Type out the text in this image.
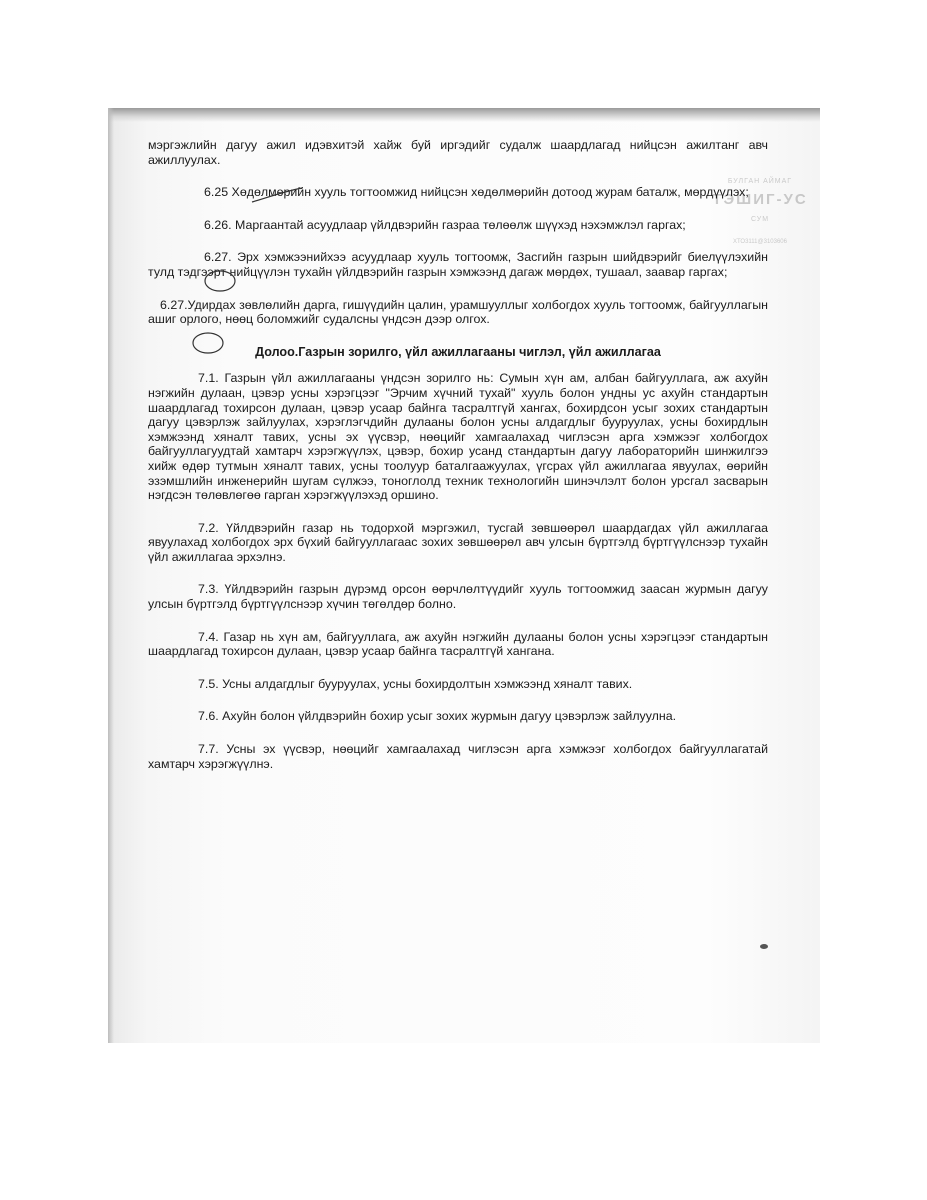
БУЛГАН АЙМАГ
ТЭШИГ-УС
СУМ
ХТО3111@3103606

мэргэжлийн дагуу ажил идэвхитэй хайж буй иргэдийг судалж шаардлагад нийцсэн ажилтанг авч ажиллуулах.

6.25 Хөдөлмөрийн хууль тогтоомжид нийцсэн хөдөлмөрийн дотоод журам баталж, мөрдүүлэх;

6.26. Маргаантай асуудлаар үйлдвэрийн газраа төлөөлж шүүхэд нэхэмжлэл гаргах;

6.27. Эрх хэмжээнийхээ асуудлаар хууль тогтоомж, Засгийн газрын шийдвэрийг биелүүлэхийн тулд тэдгээрт нийцүүлэн тухайн үйлдвэрийн газрын хэмжээнд дагаж мөрдөх, тушаал, заавар гаргах;

6.27.Удирдах зөвлөлийн дарга, гишүүдийн цалин, урамшууллыг холбогдох хууль тогтоомж, байгууллагын ашиг орлого, нөөц боломжийг судалсны үндсэн дээр олгох.

Долоо.Газрын зорилго, үйл ажиллагааны чиглэл, үйл ажиллагаа

7.1. Газрын үйл ажиллагааны үндсэн зорилго нь: Сумын хүн ам, албан байгууллага, аж ахуйн нэгжийн дулаан, цэвэр усны хэрэгцээг "Эрчим хүчний тухай" хууль болон ундны ус ахуйн стандартын шаардлагад тохирсон дулаан, цэвэр усаар байнга тасралтгүй хангах, бохирдсон усыг зохих стандартын дагуу цэвэрлэж зайлуулах, хэрэглэгчдийн дулааны болон усны алдагдлыг бууруулах, усны бохирдлын хэмжээнд хяналт тавих, усны эх үүсвэр, нөөцийг хамгаалахад чиглэсэн арга хэмжээг холбогдох байгууллагуудтай хамтарч хэрэгжүүлэх, цэвэр, бохир усанд стандартын дагуу лабораторийн шинжилгээ хийж өдөр тутмын хяналт тавих, усны тоолуур баталгаажуулах, үгсрах үйл ажиллагаа явуулах, өөрийн эзэмшлийн инженерийн шугам сүлжээ, тоноглолд техник технологийн шинэчлэлт болон урсгал засварын нэгдсэн төлөвлөгөө гарган хэрэгжүүлэхэд оршино.

7.2. Үйлдвэрийн газар нь тодорхой мэргэжил, тусгай зөвшөөрөл шаардагдах үйл ажиллагаа явуулахад холбогдох эрх бүхий байгууллагаас зохих зөвшөөрөл авч улсын бүртгэлд бүртгүүлснээр тухайн үйл ажиллагаа эрхэлнэ.

7.3. Үйлдвэрийн газрын дүрэмд орсон өөрчлөлтүүдийг хууль тогтоомжид заасан журмын дагуу улсын бүртгэлд бүртгүүлснээр хүчин төгөлдөр болно.

7.4. Газар нь хүн ам, байгууллага, аж ахуйн нэгжийн дулааны болон усны хэрэгцээг стандартын шаардлагад тохирсон дулаан, цэвэр усаар байнга тасралтгүй хангана.

7.5. Усны алдагдлыг бууруулах, усны бохирдолтын хэмжээнд хяналт тавих.

7.6. Ахуйн болон үйлдвэрийн бохир усыг зохих журмын дагуу цэвэрлэж зайлуулна.

7.7. Усны эх үүсвэр, нөөцийг хамгаалахад чиглэсэн арга хэмжээг холбогдох байгууллагатай хамтарч хэрэгжүүлнэ.
